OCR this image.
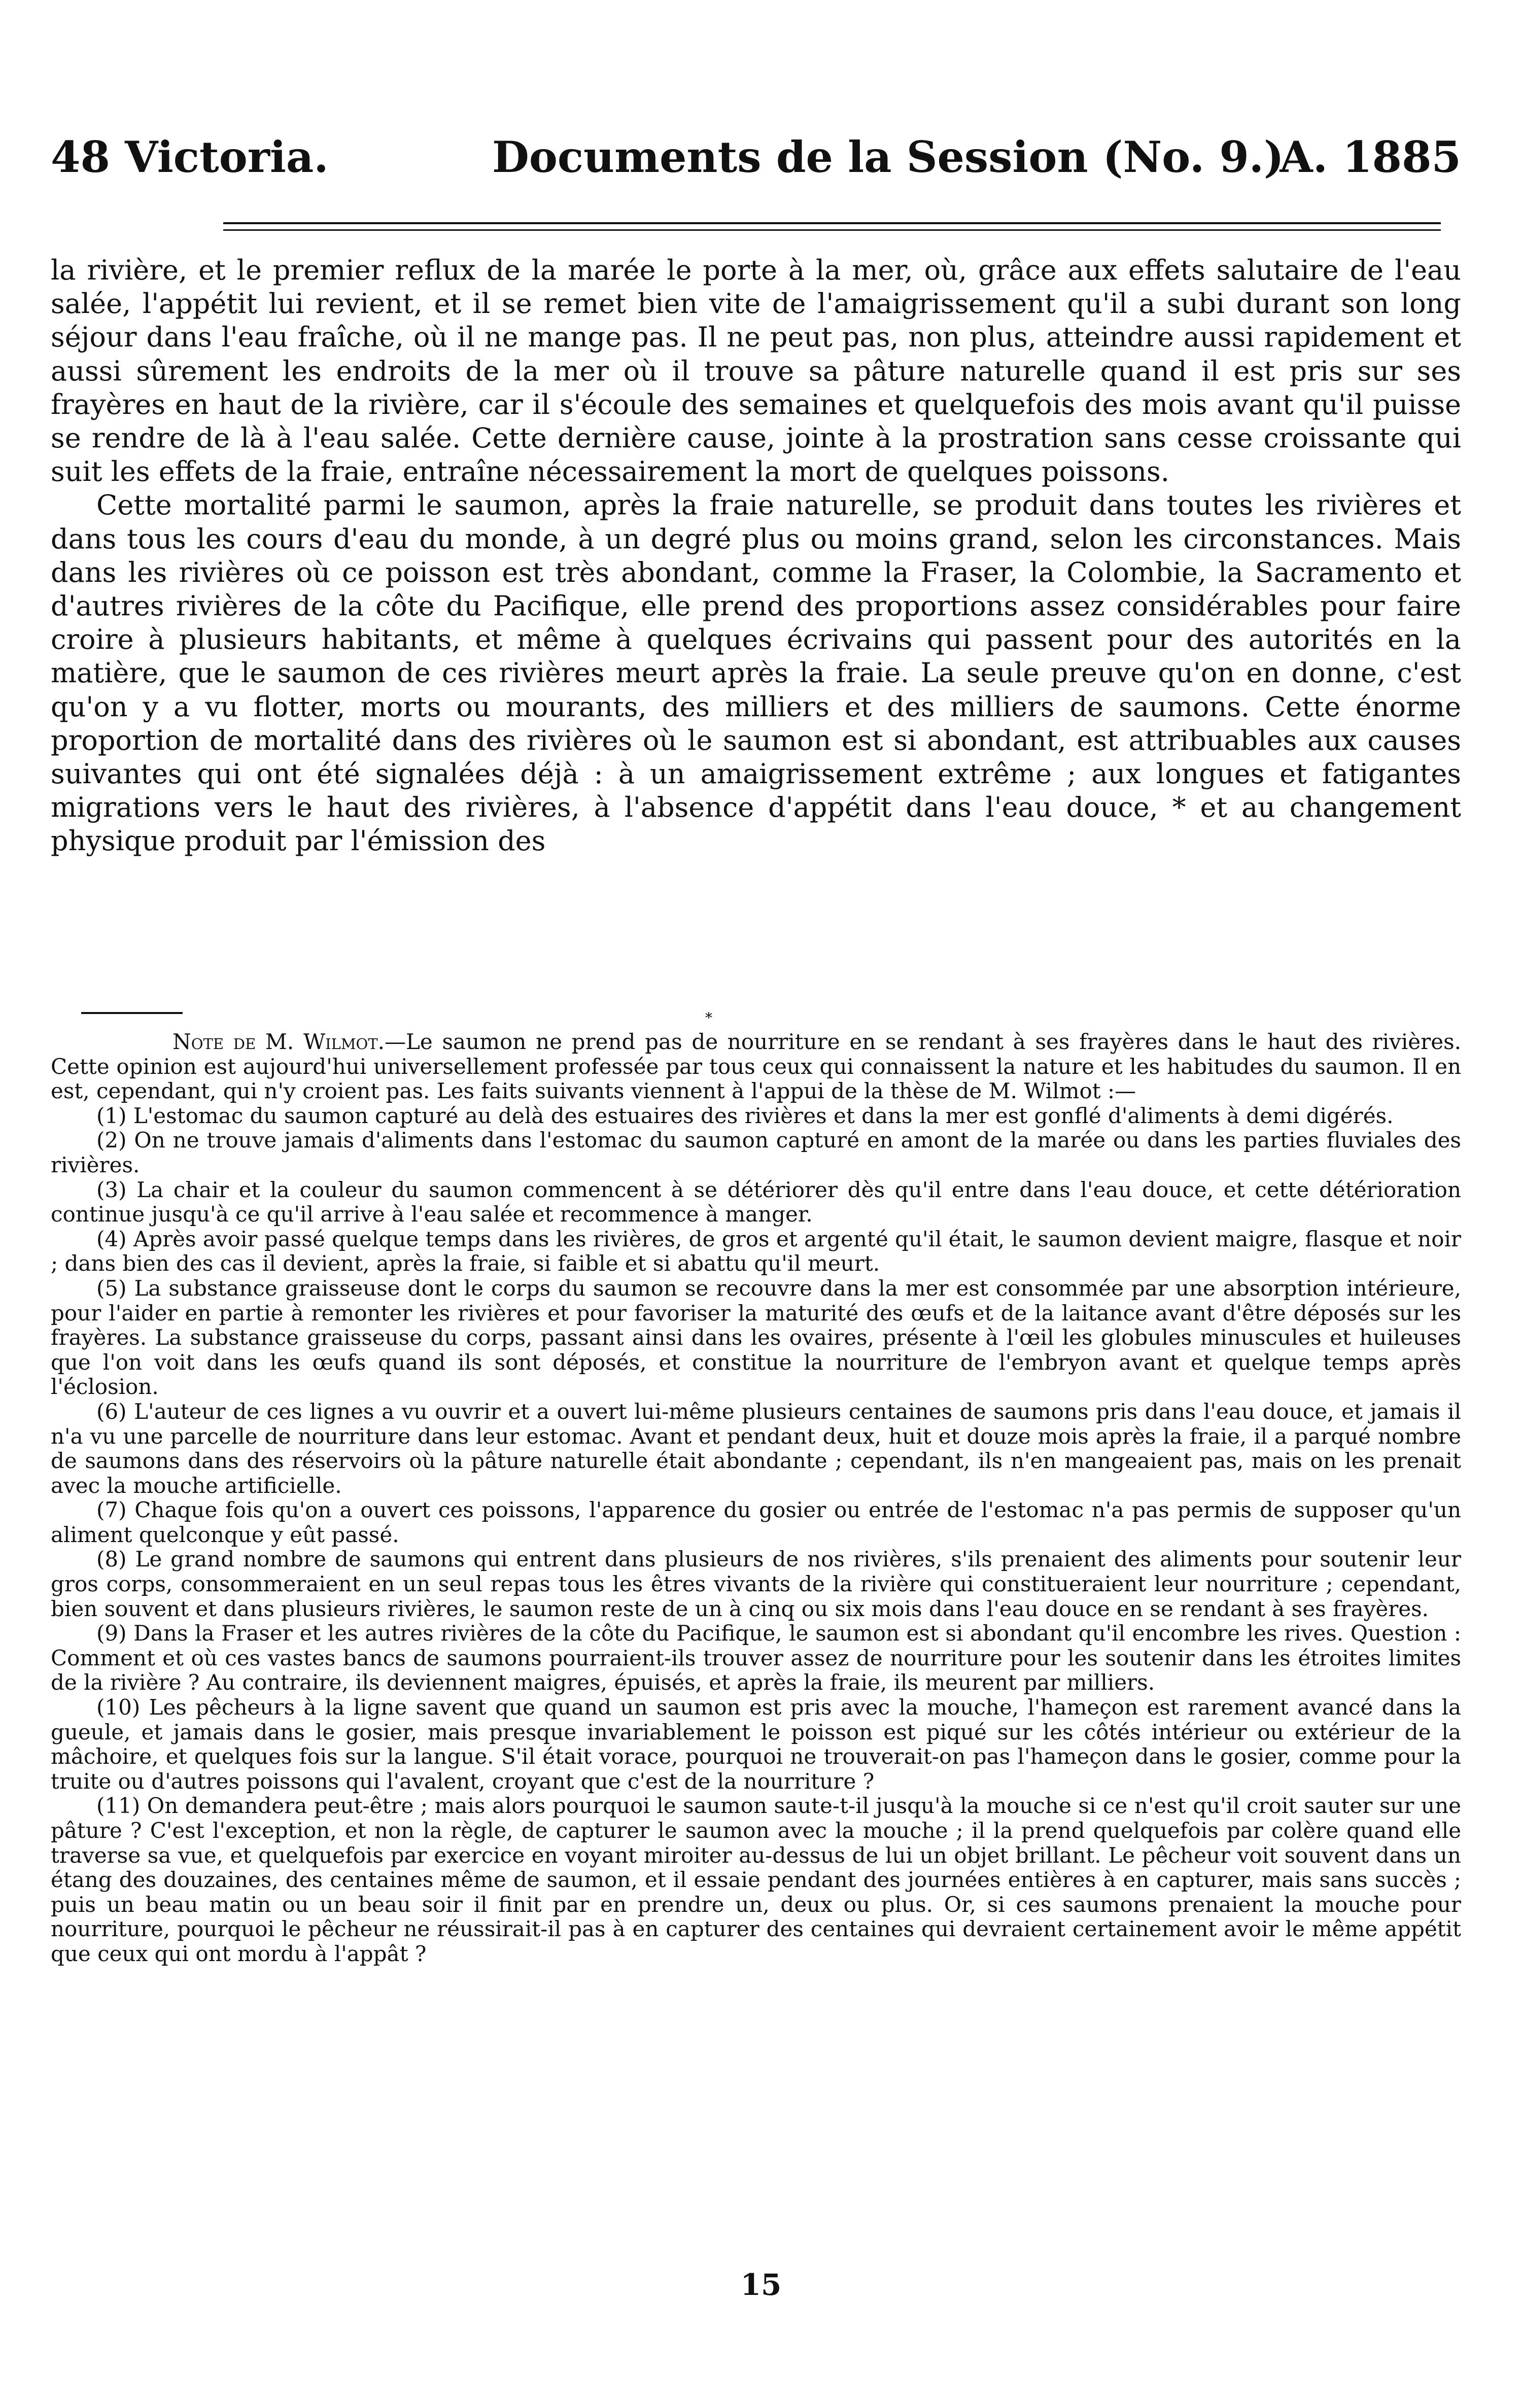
48 Victoria.	Documents de la Session (No. 9.)
A. 1885

la rivière, et le premier reflux de la marée le porte à la mer, où, grâce aux effets salutaire de l'eau salée, l'appétit lui revient, et il se remet bien vite de l'amaigrissement qu'il a subi durant son long séjour dans l'eau fraîche, où il ne mange pas. Il ne peut pas, non plus, atteindre aussi rapidement et aussi sûrement les endroits de la mer où il trouve sa pâture naturelle quand il est pris sur ses frayères en haut de la rivière, car il s'écoule des semaines et quelquefois des mois avant qu'il puisse se rendre de là à l'eau salée. Cette dernière cause, jointe à la prostration sans cesse croissante qui suit les effets de la fraie, entraîne nécessairement la mort de quelques poissons.

Cette mortalité parmi le saumon, après la fraie naturelle, se produit dans toutes les rivières et dans tous les cours d'eau du monde, à un degré plus ou moins grand, selon les circonstances. Mais dans les rivières où ce poisson est très abondant, comme la Fraser, la Colombie, la Sacramento et d'autres rivières de la côte du Pacifique, elle prend des proportions assez considérables pour faire croire à plusieurs habitants, et même à quelques écrivains qui passent pour des autorités en la matière, que le saumon de ces rivières meurt après la fraie. La seule preuve qu'on en donne, c'est qu'on y a vu flotter, morts ou mourants, des milliers et des milliers de saumons. Cette énorme proportion de mortalité dans des rivières où le saumon est si abondant, est attribuables aux causes suivantes qui ont été signalées déjà : à un amaigrissement extrême ; aux longues et fatigantes migrations vers le haut des rivières, à l'absence d'appétit dans l'eau douce, * et au changement physique produit par l'émission des

*

Note de M. Wilmot.—Le saumon ne prend pas de nourriture en se rendant à ses frayères dans le haut des rivières. Cette opinion est aujourd'hui universellement professée par tous ceux qui connaissent la nature et les habitudes du saumon. Il en est, cependant, qui n'y croient pas. Les faits suivants viennent à l'appui de la thèse de M. Wilmot :—

(1) L'estomac du saumon capturé au delà des estuaires des rivières et dans la mer est gonflé d'aliments à demi digérés.

(2) On ne trouve jamais d'aliments dans l'estomac du saumon capturé en amont de la marée ou dans les parties fluviales des rivières.

(3) La chair et la couleur du saumon commencent à se détériorer dès qu'il entre dans l'eau douce, et cette détérioration continue jusqu'à ce qu'il arrive à l'eau salée et recommence à manger.

(4) Après avoir passé quelque temps dans les rivières, de gros et argenté qu'il était, le saumon devient maigre, flasque et noir ; dans bien des cas il devient, après la fraie, si faible et si abattu qu'il meurt.

(5) La substance graisseuse dont le corps du saumon se recouvre dans la mer est consommée par une absorption intérieure, pour l'aider en partie à remonter les rivières et pour favoriser la maturité des œufs et de la laitance avant d'être déposés sur les frayères. La substance graisseuse du corps, passant ainsi dans les ovaires, présente à l'œil les globules minuscules et huileuses que l'on voit dans les œufs quand ils sont déposés, et constitue la nourriture de l'embryon avant et quelque temps après l'éclosion.

(6) L'auteur de ces lignes a vu ouvrir et a ouvert lui-même plusieurs centaines de saumons pris dans l'eau douce, et jamais il n'a vu une parcelle de nourriture dans leur estomac. Avant et pendant deux, huit et douze mois après la fraie, il a parqué nombre de saumons dans des réservoirs où la pâture naturelle était abondante ; cependant, ils n'en mangeaient pas, mais on les prenait avec la mouche artificielle.

(7) Chaque fois qu'on a ouvert ces poissons, l'apparence du gosier ou entrée de l'estomac n'a pas permis de supposer qu'un aliment quelconque y eût passé.

(8) Le grand nombre de saumons qui entrent dans plusieurs de nos rivières, s'ils prenaient des aliments pour soutenir leur gros corps, consommeraient en un seul repas tous les êtres vivants de la rivière qui constitueraient leur nourriture ; cependant, bien souvent et dans plusieurs rivières, le saumon reste de un à cinq ou six mois dans l'eau douce en se rendant à ses frayères.

(9) Dans la Fraser et les autres rivières de la côte du Pacifique, le saumon est si abondant qu'il encombre les rives. Question : Comment et où ces vastes bancs de saumons pourraient-ils trouver assez de nourriture pour les soutenir dans les étroites limites de la rivière ? Au contraire, ils deviennent maigres, épuisés, et après la fraie, ils meurent par milliers.

(10) Les pêcheurs à la ligne savent que quand un saumon est pris avec la mouche, l'hameçon est rarement avancé dans la gueule, et jamais dans le gosier, mais presque invariablement le poisson est piqué sur les côtés intérieur ou extérieur de la mâchoire, et quelques fois sur la langue. S'il était vorace, pourquoi ne trouverait-on pas l'hameçon dans le gosier, comme pour la truite ou d'autres poissons qui l'avalent, croyant que c'est de la nourriture ?

(11) On demandera peut-être ; mais alors pourquoi le saumon saute-t-il jusqu'à la mouche si ce n'est qu'il croit sauter sur une pâture ? C'est l'exception, et non la règle, de capturer le saumon avec la mouche ; il la prend quelquefois par colère quand elle traverse sa vue, et quelquefois par exercice en voyant miroiter au-dessus de lui un objet brillant. Le pêcheur voit souvent dans un étang des douzaines, des centaines même de saumon, et il essaie pendant des journées entières à en capturer, mais sans succès ; puis un beau matin ou un beau soir il finit par en prendre un, deux ou plus. Or, si ces saumons prenaient la mouche pour nourriture, pourquoi le pêcheur ne réussirait-il pas à en capturer des centaines qui devraient certainement avoir le même appétit que ceux qui ont mordu à l'appât ?

15
